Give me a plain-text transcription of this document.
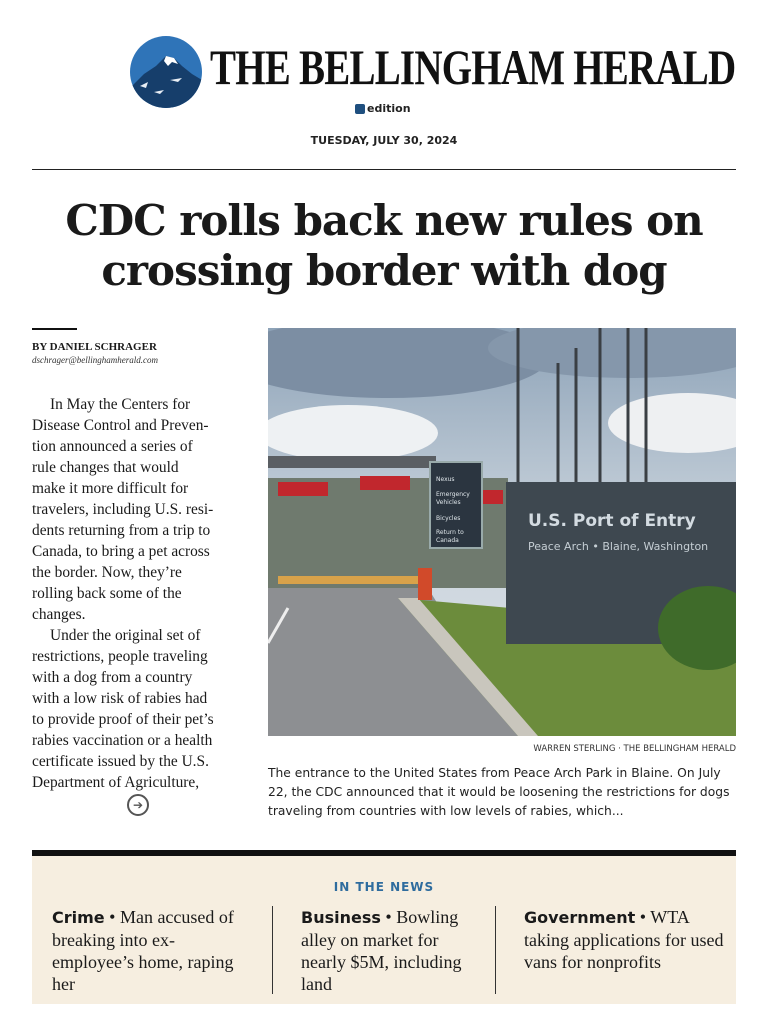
THE BELLINGHAM HERALD
edition
TUESDAY, JULY 30, 2024
CDC rolls back new rules on
crossing border with dog
BY DANIEL SCHRAGER
dschrager@bellinghamherald.com
In May the Centers for
Disease Control and Preven-
tion announced a series of
rule changes that would
make it more difficult for
travelers, including U.S. resi-
dents returning from a trip to
Canada, to bring a pet across
the border. Now, they’re
rolling back some of the
changes.
Under the original set of
restrictions, people traveling
with a dog from a country
with a low risk of rabies had
to provide proof of their pet’s
rabies vaccination or a health
certificate issued by the U.S.
Department of Agriculture,
➔
Nexus
Emergency
Vehicles
Bicycles
Return to
Canada
U.S. Port of Entry
Peace Arch • Blaine, Washington
WARREN STERLING · THE BELLINGHAM HERALD
The entrance to the United States from Peace Arch Park in Blaine. On July 22, the CDC announced that it would be loosening the restrictions for dogs traveling from countries with low levels of rabies, which...
IN THE NEWS
Crime • Man accused of breaking into ex-employee’s home, raping her
Business • Bowling alley on market for nearly $5M, including land
Government • WTA taking applications for used vans for nonprofits
